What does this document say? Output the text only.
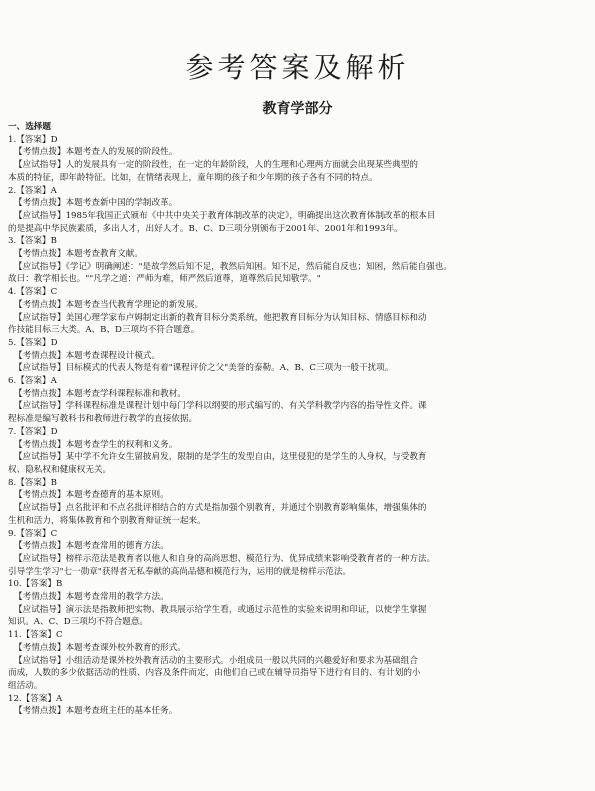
参考答案及解析
教育学部分
一、选择题
1.【答案】D
【考情点拨】本题考查人的发展的阶段性。
【应试指导】人的发展具有一定的阶段性，在一定的年龄阶段，人的生理和心理两方面就会出现某些典型的
本质的特征，即年龄特征。比如，在情绪表现上，童年期的孩子和少年期的孩子各有不同的特点。
2.【答案】A
【考情点拨】本题考查新中国的学制改革。
【应试指导】1985年我国正式颁布《中共中央关于教育体制改革的决定》，明确提出这次教育体制改革的根本目
的是提高中华民族素质，多出人才，出好人才。B、C、D三项分别颁布于2001年、2001年和1993年。
3.【答案】B
【考情点拨】本题考查教育文献。
【应试指导】《学记》明确阐述："是故学然后知不足，教然后知困。知不足，然后能自反也；知困，然后能自强也。
故曰：教学相长也。""凡学之道：严师为难，师严然后道尊，道尊然后民知敬学。"
4.【答案】C
【考情点拨】本题考查当代教育学理论的新发展。
【应试指导】美国心理学家布卢姆制定出新的教育目标分类系统，他把教育目标分为认知目标、情感目标和动
作技能目标三大类。A、B、D三项均不符合题意。
5.【答案】D
【考情点拨】本题考查课程设计模式。
【应试指导】目标模式的代表人物是有着"课程评价之父"美誉的泰勒。A、B、C三项为一般干扰项。
6.【答案】A
【考情点拨】本题考查学科课程标准和教材。
【应试指导】学科课程标准是课程计划中每门学科以纲要的形式编写的、有关学科教学内容的指导性文件。课
程标准是编写教科书和教师进行教学的直接依据。
7.【答案】D
【考情点拨】本题考查学生的权利和义务。
【应试指导】某中学不允许女生留披肩发，限制的是学生的发型自由，这里侵犯的是学生的人身权，与受教育
权、隐私权和健康权无关。
8.【答案】B
【考情点拨】本题考查德育的基本原则。
【应试指导】点名批评和不点名批评相结合的方式是指加强个别教育，并通过个别教育影响集体，增强集体的
生机和活力，将集体教育和个别教育辩证统一起来。
9.【答案】C
【考情点拨】本题考查常用的德育方法。
【应试指导】榜样示范法是教育者以他人和自身的高尚思想、模范行为、优异成绩来影响受教育者的一种方法。
引导学生学习"七一勋章"获得者无私奉献的高尚品德和模范行为，运用的就是榜样示范法。
10.【答案】B
【考情点拨】本题考查常用的教学方法。
【应试指导】演示法是指教师把实物、教具展示给学生看，或通过示范性的实验来说明和印证，以使学生掌握
知识。A、C、D三项均不符合题意。
11.【答案】C
【考情点拨】本题考查课外校外教育的形式。
【应试指导】小组活动是课外校外教育活动的主要形式。小组成员一般以共同的兴趣爱好和要求为基础组合
而成，人数的多少依据活动的性质、内容及条件而定，由他们自己或在辅导员指导下进行有目的、有计划的小
组活动。
12.【答案】A
【考情点拨】本题考查班主任的基本任务。
